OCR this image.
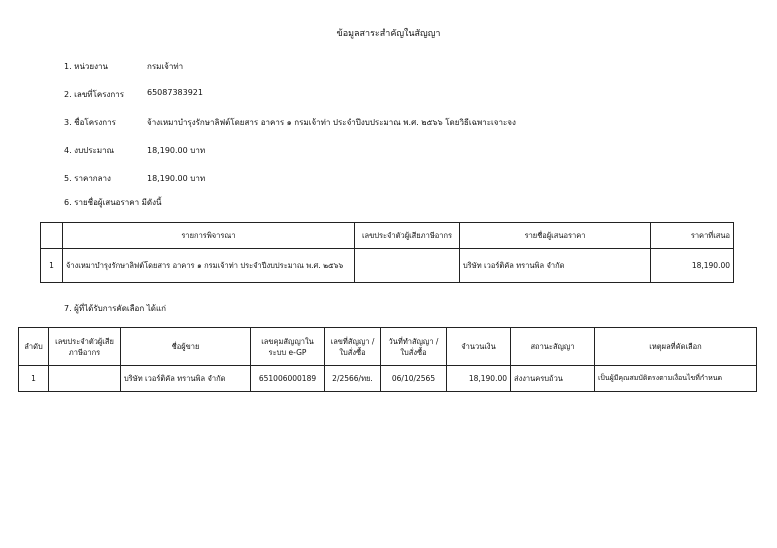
ข้อมูลสาระสำคัญในสัญญา
1. หน่วยงาน	กรมเจ้าท่า
2. เลขที่โครงการ	65087383921
3. ชื่อโครงการ	จ้างเหมาบำรุงรักษาลิฟต์โดยสาร อาคาร ๑ กรมเจ้าท่า ประจำปีงบประมาณ พ.ศ. ๒๕๖๖ โดยวิธีเฉพาะเจาะจง
4. งบประมาณ	18,190.00 บาท
5. ราคากลาง	18,190.00 บาท
6. รายชื่อผู้เสนอราคา มีดังนี้
	รายการพิจารณา	เลขประจำตัวผู้เสียภาษีอากร	รายชื่อผู้เสนอราคา	ราคาที่เสนอ
1	จ้างเหมาบำรุงรักษาลิฟต์โดยสาร อาคาร ๑ กรมเจ้าท่า ประจำปีงบประมาณ พ.ศ. ๒๕๖๖		บริษัท เวอร์ติคัล ทรานพิล จำกัด	18,190.00
7. ผู้ที่ได้รับการคัดเลือก ได้แก่
ลำดับ	เลขประจำตัวผู้เสียภาษีอากร	ชื่อผู้ขาย	เลขคุมสัญญาในระบบ e-GP	เลขที่สัญญา / ใบสั่งซื้อ	วันที่ทำสัญญา / ใบสั่งซื้อ	จำนวนเงิน	สถานะสัญญา	เหตุผลที่คัดเลือก
1		บริษัท เวอร์ติคัล ทรานพิล จำกัด	651006000189	2/2566/ทย.	06/10/2565	18,190.00	ส่งงานครบถ้วน	เป็นผู้มีคุณสมบัติตรงตามเงื่อนไขที่กำหนด
